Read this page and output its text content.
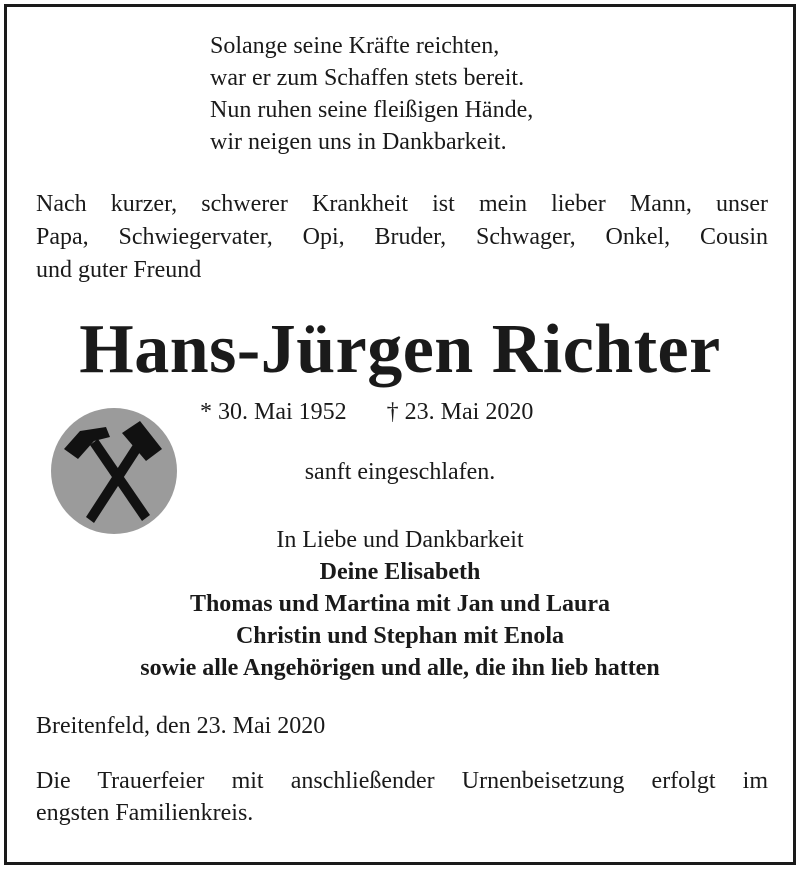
Solange seine Kräfte reichten,
war er zum Schaffen stets bereit.
Nun ruhen seine fleißigen Hände,
wir neigen uns in Dankbarkeit.
Nach kurzer, schwerer Krankheit ist mein lieber Mann, unser
Papa, Schwiegervater, Opi, Bruder, Schwager, Onkel, Cousin
und guter Freund
Hans-Jürgen Richter
* 30. Mai 1952 † 23. Mai 2020
sanft eingeschlafen.
In Liebe und Dankbarkeit
Deine Elisabeth
Thomas und Martina mit Jan und Laura
Christin und Stephan mit Enola
sowie alle Angehörigen und alle, die ihn lieb hatten
Breitenfeld, den 23. Mai 2020
Die Trauerfeier mit anschließender Urnenbeisetzung erfolgt im
engsten Familienkreis.
